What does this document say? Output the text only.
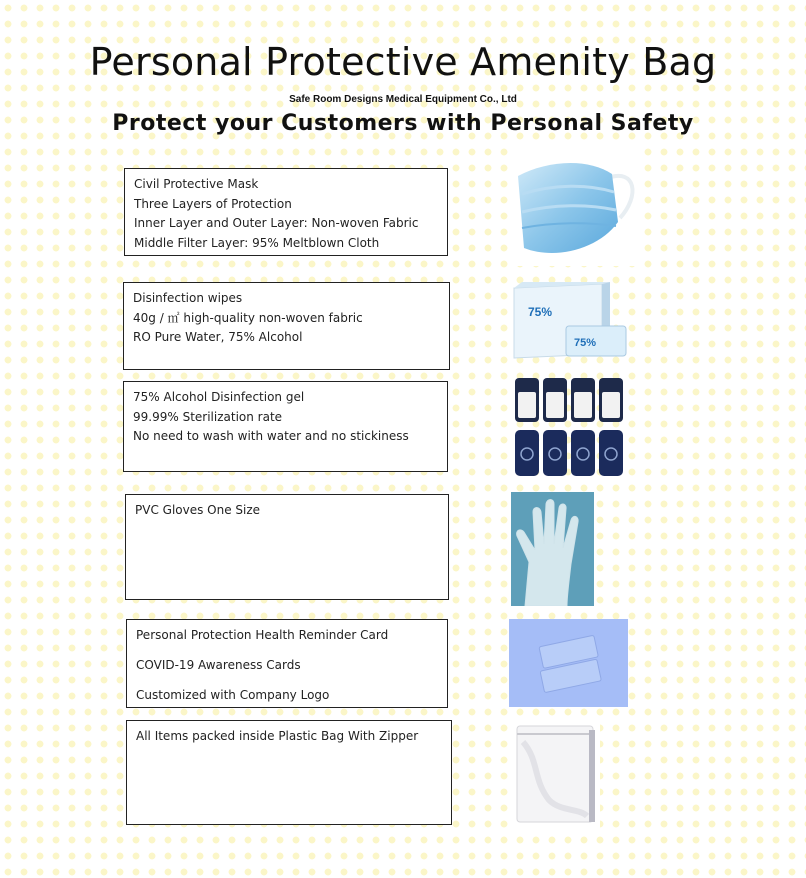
Personal Protective Amenity Bag
Safe Room Designs Medical Equipment Co., Ltd
Protect your Customers with Personal Safety
Civil Protective Mask
Three Layers of Protection
Inner Layer and Outer Layer: Non-woven Fabric
Middle Filter Layer: 95% Meltblown Cloth
Disinfection wipes
40g / ㎡ high-quality non-woven fabric
RO Pure Water, 75% Alcohol
75%
75%
75% Alcohol Disinfection gel
99.99% Sterilization rate
No need to wash with water and no stickiness
PVC Gloves One Size
Personal Protection Health Reminder Card
COVID-19 Awareness Cards
Customized with Company Logo
All Items packed inside Plastic Bag With Zipper
